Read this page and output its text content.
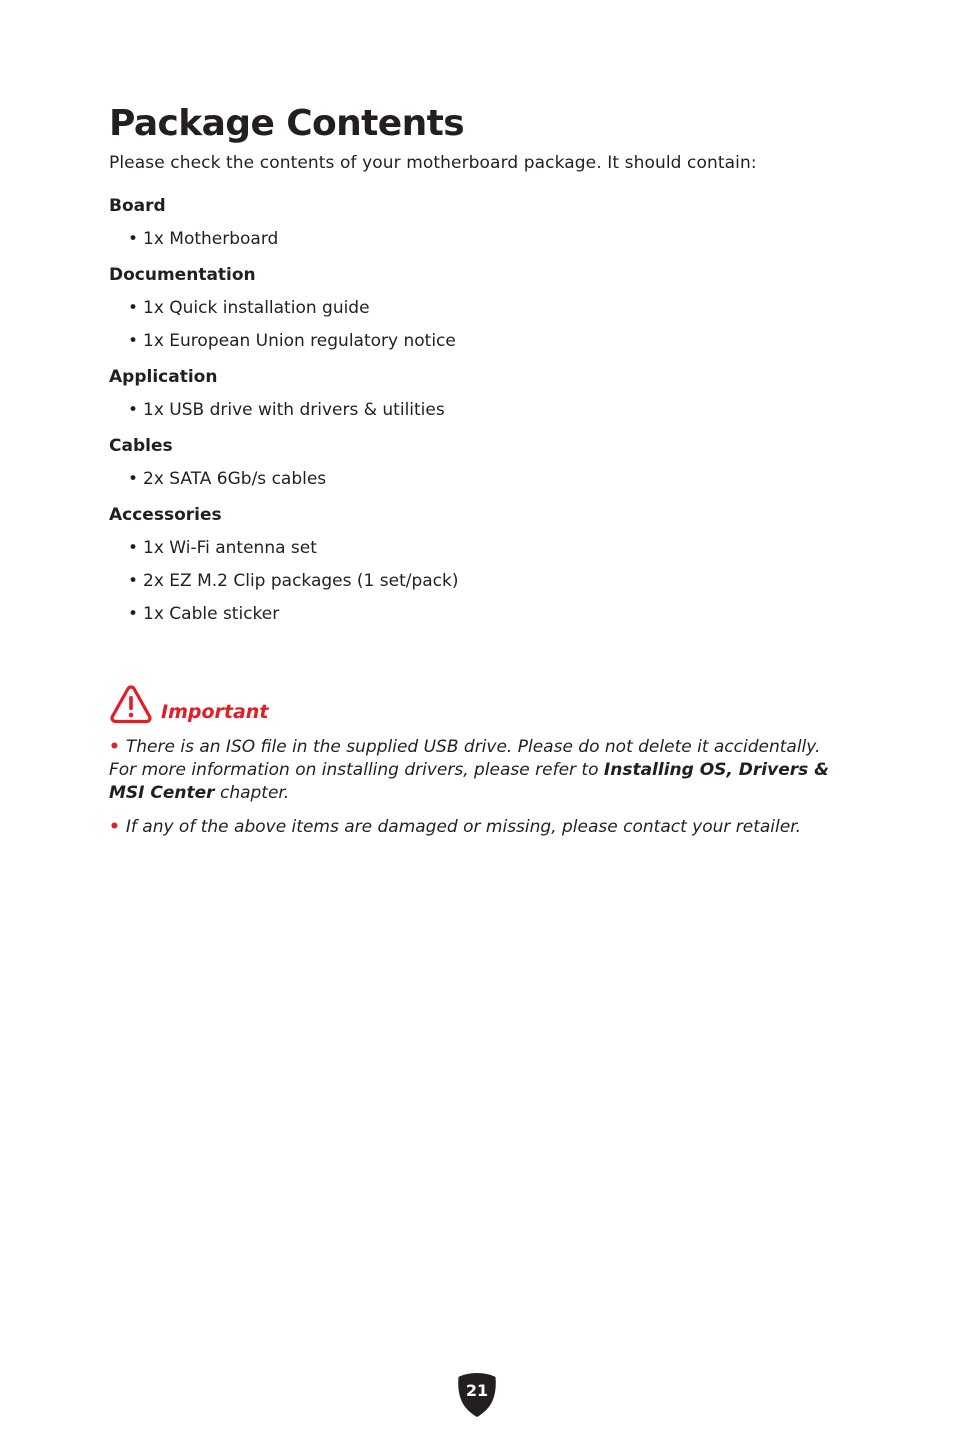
Package Contents
Please check the contents of your motherboard package. It should contain:
Board
• 1x Motherboard
Documentation
• 1x Quick installation guide
• 1x European Union regulatory notice
Application
• 1x USB drive with drivers & utilities
Cables
• 2x SATA 6Gb/s cables
Accessories
• 1x Wi-Fi antenna set
• 2x EZ M.2 Clip packages (1 set/pack)
• 1x Cable sticker
Important

• There is an ISO file in the supplied USB drive. Please do not delete it accidentally. For more information on installing drivers, please refer to Installing OS, Drivers & MSI Center chapter.

• If any of the above items are damaged or missing, please contact your retailer.

21
